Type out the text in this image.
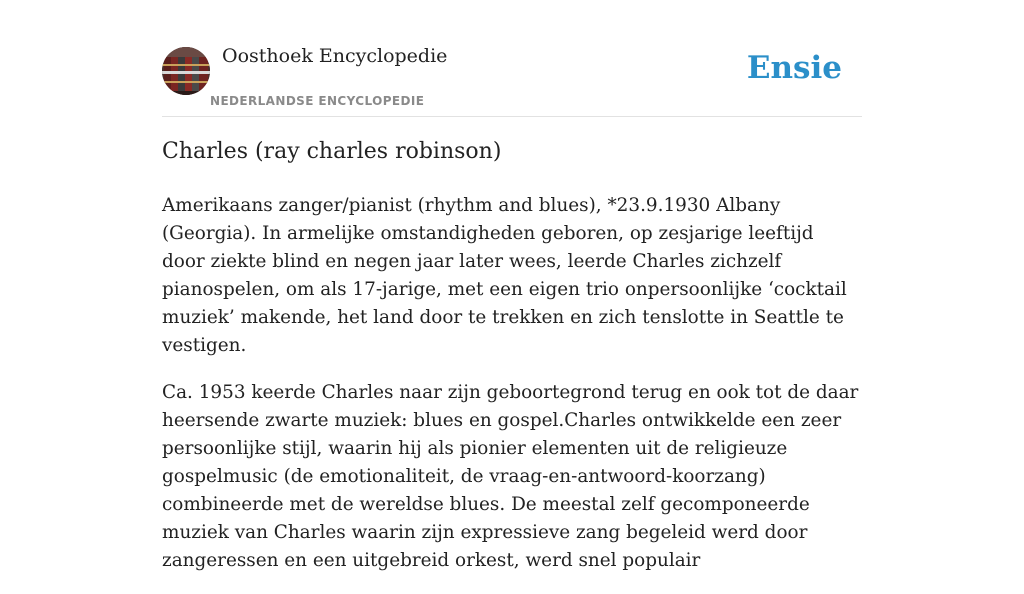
Oosthoek Encyclopedie
NEDERLANDSE ENCYCLOPEDIE
Ensie
Charles (ray charles robinson)

Amerikaans zanger/pianist (rhythm and blues), *23.9.1930 Albany (Georgia). In armelijke omstandigheden geboren, op zesjarige leeftijd door ziekte blind en negen jaar later wees, leerde Charles zichzelf pianospelen, om als 17-jarige, met een eigen trio onpersoonlijke ‘cocktail muziek’ makende, het land door te trekken en zich tenslotte in Seattle te vestigen.

Ca. 1953 keerde Charles naar zijn geboortegrond terug en ook tot de daar heersende zwarte muziek: blues en gospel.Charles ontwikkelde een zeer persoonlijke stijl, waarin hij als pionier elementen uit de religieuze gospelmusic (de emotionaliteit, de vraag-en-antwoord-koorzang) combineerde met de wereldse blues. De meestal zelf gecomponeerde muziek van Charles waarin zijn expressieve zang begeleid werd door zangeressen en een uitgebreid orkest, werd snel populair
